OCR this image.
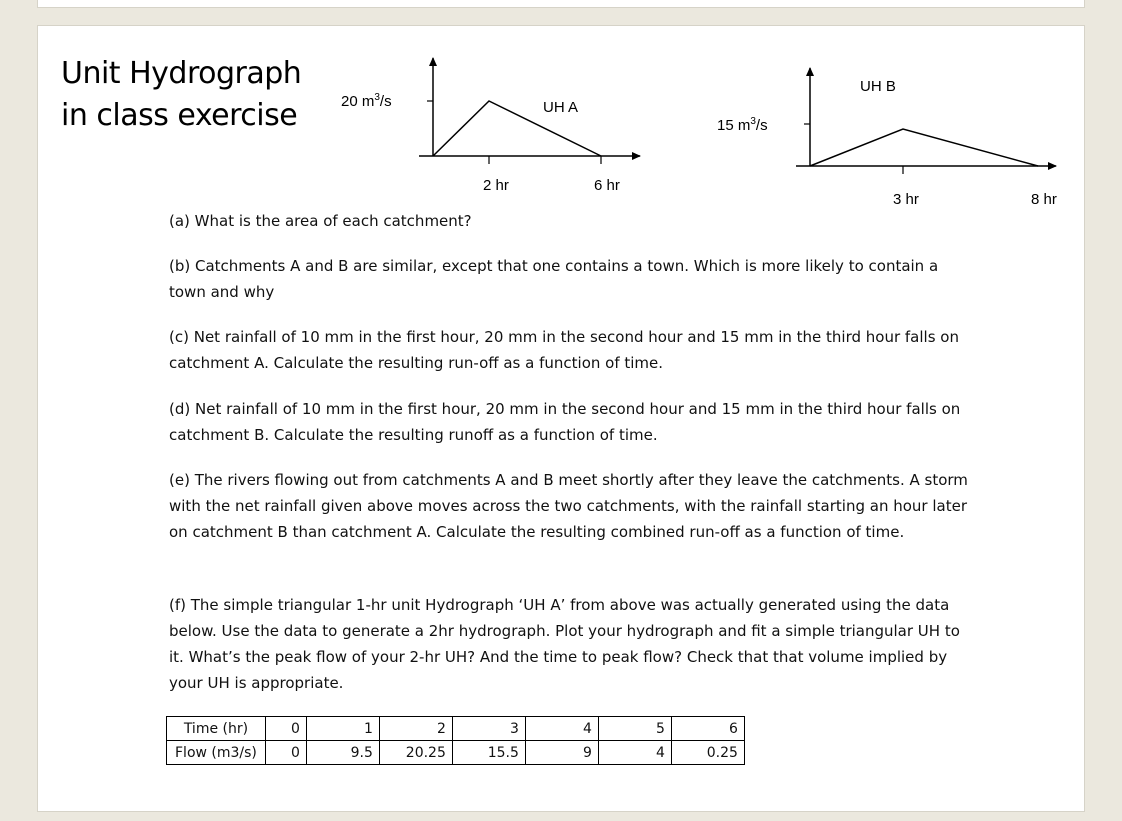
Unit Hydrograph
in class exercise	20 $m^3/s$	UH A
2 hr	6 hr
15 $m^3/s$
UH B
3 hr	8 hr

(a) What is the area of each catchment?

(b) Catchments A and B are similar, except that one contains a town. Which is more likely to contain a town and why

(c) Net rainfall of 10 mm in the first hour, 20 mm in the second hour and 15 mm in the third hour falls on catchment A. Calculate the resulting run-off as a function of time.

(d) Net rainfall of 10 mm in the first hour, 20 mm in the second hour and 15 mm in the third hour falls on catchment B. Calculate the resulting runoff as a function of time.

(e) The rivers flowing out from catchments A and B meet shortly after they leave the catchments. A storm with the net rainfall given above moves across the two catchments, with the rainfall starting an hour later on catchment B than catchment A. Calculate the resulting combined run-off as a function of time.

(f) The simple triangular 1-hr unit Hydrograph ‘UH A’ from above was actually generated using the data below. Use the data to generate a 2hr hydrograph. Plot your hydrograph and fit a simple triangular UH to it. What’s the peak flow of your 2-hr UH? And the time to peak flow? Check that that volume implied by your UH is appropriate.

Time (hr)	0	1	2	3	4	5	6
Flow (m3/s)	0	9.5	20.25	15.5	9	4	0.25
